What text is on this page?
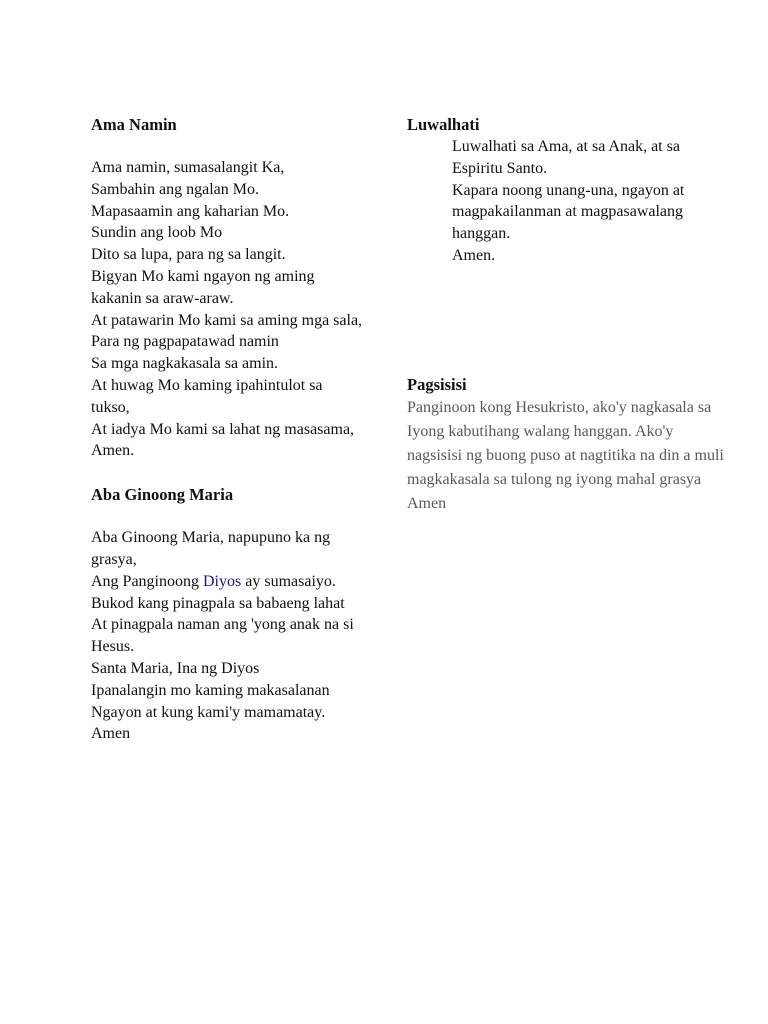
Ama Namin
Ama namin, sumasalangit Ka,
Sambahin ang ngalan Mo.
Mapasaamin ang kaharian Mo.
Sundin ang loob Mo
Dito sa lupa, para ng sa langit.
Bigyan Mo kami ngayon ng aming kakanin sa araw-araw.
At patawarin Mo kami sa aming mga sala,
Para ng pagpapatawad namin
Sa mga nagkakasala sa amin.
At huwag Mo kaming ipahintulot sa tukso,
At iadya Mo kami sa lahat ng masasama,
Amen.
Aba Ginoong Maria
Aba Ginoong Maria, napupuno ka ng grasya,
Ang Panginoong Diyos ay sumasaiyo.
Bukod kang pinagpala sa babaeng lahat
At pinagpala naman ang 'yong anak na si Hesus.
Santa Maria, Ina ng Diyos
Ipanalangin mo kaming makasalanan
Ngayon at kung kami'y mamamatay.
Amen
Luwalhati
Luwalhati sa Ama, at sa Anak, at sa Espiritu Santo.
Kapara noong unang-una, ngayon at magpakailanman at magpasawalang hanggan.
Amen.
Pagsisisi

Panginoon kong Hesukristo, ako'y nagkasala sa Iyong kabutihang walang hanggan. Ako'y nagsisisi ng buong puso at nagtitika na din a muli magkakasala sa tulong ng iyong mahal grasya Amen
